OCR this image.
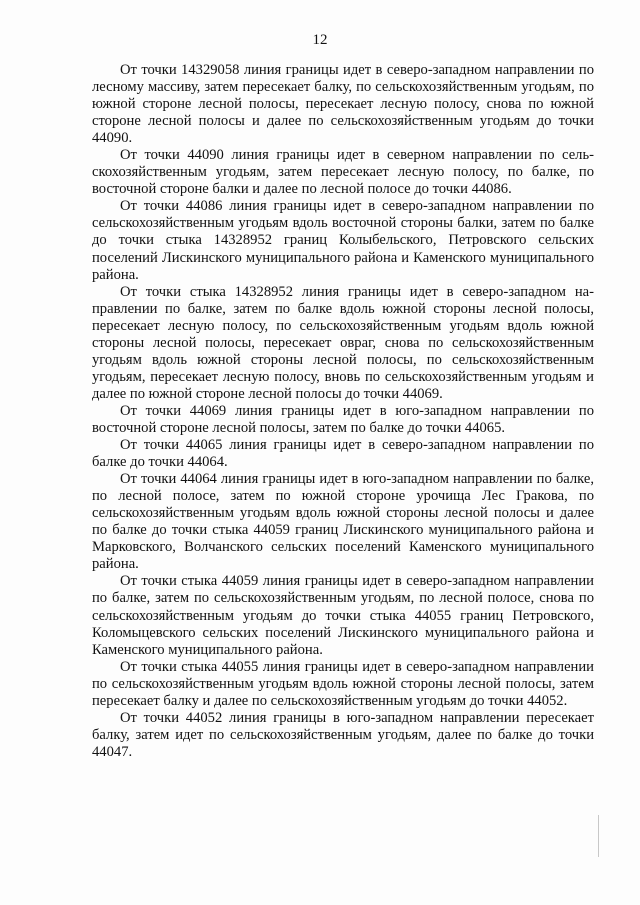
12

От точки 14329058 линия границы идет в северо-западном направлении по лесному массиву, затем пересекает балку, по сельскохозяйственным угодьям, по южной стороне лесной полосы, пересекает лесную полосу, снова по южной стороне лесной полосы и далее по сельскохозяйственным угодьям до точки 44090.

От точки 44090 линия границы идет в северном направлении по сельскохозяйственным угодьям, затем пересекает лесную полосу, по балке, по восточной стороне балки и далее по лесной полосе до точки 44086.

От точки 44086 линия границы идет в северо-западном направлении по сельскохозяйственным угодьям вдоль восточной стороны балки, затем по балке до точки стыка 14328952 границ Колыбельского, Петровского сельских поселений Лискинского муниципального района и Каменского муниципального района.

От точки стыка 14328952 линия границы идет в северо-западном направлении по балке, затем по балке вдоль южной стороны лесной полосы, пересекает лесную полосу, по сельскохозяйственным угодьям вдоль южной стороны лесной полосы, пересекает овраг, снова по сельскохозяйственным угодьям вдоль южной стороны лесной полосы, по сельскохозяйственным угодьям, пересекает лесную полосу, вновь по сельскохозяйственным угодьям и далее по южной стороне лесной полосы до точки 44069.

От точки 44069 линия границы идет в юго-западном направлении по восточной стороне лесной полосы, затем по балке до точки 44065.

От точки 44065 линия границы идет в северо-западном направлении по балке до точки 44064.

От точки 44064 линия границы идет в юго-западном направлении по балке, по лесной полосе, затем по южной стороне урочища Лес Гракова, по сельскохозяйственным угодьям вдоль южной стороны лесной полосы и далее по балке до точки стыка 44059 границ Лискинского муниципального района и Марковского, Волчанского сельских поселений Каменского муниципального района.

От точки стыка 44059 линия границы идет в северо-западном направлении по балке, затем по сельскохозяйственным угодьям, по лесной полосе, снова по сельскохозяйственным угодьям до точки стыка 44055 границ Петровского, Коломыцевского сельских поселений Лискинского муниципального района и Каменского муниципального района.

От точки стыка 44055 линия границы идет в северо-западном направлении по сельскохозяйственным угодьям вдоль южной стороны лесной полосы, затем пересекает балку и далее по сельскохозяйственным угодьям до точки 44052.

От точки 44052 линия границы в юго-западном направлении пересекает балку, затем идет по сельскохозяйственным угодьям, далее по балке до точки 44047.
